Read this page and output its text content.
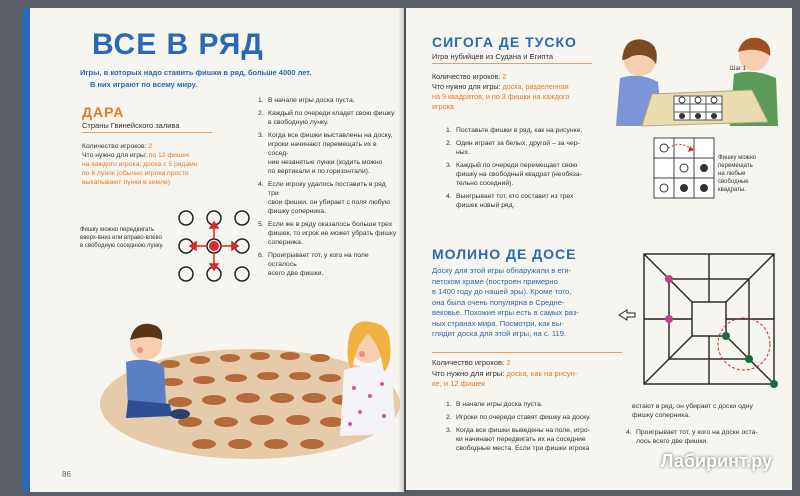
ВСЕ В РЯД
Игры, в которых надо ставить фишки в ряд, больше 4000 лет.
В них играют по всему миру.
ДАРА
Страны Гвинейского залива
Количество игроков: 2
Что нужно для игры: по 12 фишек
на каждого игрока, доска с 5 рядами
по 6 лунок (обычно игроки просто
выкапывают лунки в земле)
1. В начале игры доска пуста.
2. Каждый по очереди кладет свою фишку
в свободную лунку.
3. Когда все фишки выставлены на доску,
игроки начинают перемещать их в сосед-
ние незанятые лунки (ходить можно
по вертикали и по горизонтали).
4. Если игроку удалось поставить в ряд три
свои фишки, он убирает с поля любую
фишку соперника.
5. Если же в ряду оказалось больше трех
фишек, то игрок не может убрать фишку
соперника.
6. Проигрывает тот, у кого на поле осталось
всего две фишки.
Фишку можно передвигать
вверх-вниз или вправо-влево
в свободную соседнюю лунку.
86
СИГОГА ДЕ ТУСКО
Игра нубийцев из Судана и Египта
Количество игроков: 2
Что нужно для игры: доска, разделенная
на 9 квадратов, и по 3 фишки на каждого
игрока
1. Поставьте фишки в ряд, как на рисунке.
2. Один играет за белых, другой – за чер-
ных.
3. Каждый по очереди перемещает свою
фишку на свободный квадрат (необяза-
тельно соседний).
4. Выигрывает тот, кто составит из трех
фишек новый ряд.
Шаг 1
Фишку можно
перемещать
на любые
свободные
квадраты.
МОЛИНО ДЕ ДОСЕ
Доску для этой игры обнаружили в еги-
петском храме (построен примерно
в 1400 году до нашей эры). Кроме того,
она была очень популярна в Средне-
вековье. Похожие игры есть в самых раз-
ных странах мира. Посмотри, как вы-
глядит доска для этой игры, на с. 119.
Количество игроков: 2
Что нужно для игры: доска, как на рисун-
ке, и 12 фишек
1. В начале игры доска пуста.
2. Игроки по очереди ставят фишку на доску.
3. Когда все фишки выведены на поле, игро-
ки начинают передвигать их на соседние
свободные места. Если три фишки игрока
встают в ряд, он убирает с доски одну
фишку соперника.
4. Проигрывает тот, у кого на доске оста-
лось всего две фишки.
Лабиринт.ру
